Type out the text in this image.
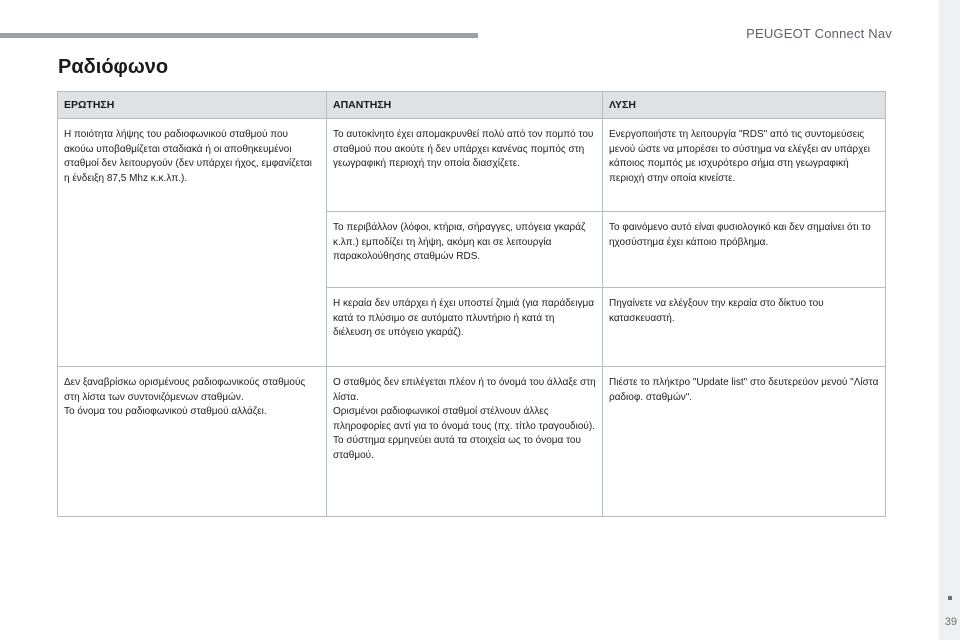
PEUGEOT Connect Nav
39
Ραδιόφωνο
ΕΡΩΤΗΣΗ	ΑΠΑΝΤΗΣΗ	ΛΥΣΗ

Η ποιότητα λήψης του ραδιοφωνικού σταθμού που ακούω υποβαθμίζεται σταδιακά ή οι αποθηκευμένοι σταθμοί δεν λειτουργούν (δεν υπάρχει ήχος, εμφανίζεται η ένδειξη 87,5 Mhz κ.κ.λπ.).	Το αυτοκίνητο έχει απομακρυνθεί πολύ από τον πομπό του σταθμού που ακούτε ή δεν υπάρχει κανένας πομπός στη γεωγραφική περιοχή την οποία διασχίζετε.	Ενεργοποιήστε τη λειτουργία "RDS" από τις συντομεύσεις μενού ώστε να μπορέσει το σύστημα να ελέγξει αν υπάρχει κάποιος πομπός με ισχυρότερο σήμα στη γεωγραφική περιοχή στην οποία κινείστε.

	Το περιβάλλον (λόφοι, κτήρια, σήραγγες, υπόγεια γκαράζ κ.λπ.) εμποδίζει τη λήψη, ακόμη και σε λειτουργία παρακολούθησης σταθμών RDS.	Το φαινόμενο αυτό είναι φυσιολογικό και δεν σημαίνει ότι το ηχοσύστημα έχει κάποιο πρόβλημα.

	Η κεραία δεν υπάρχει ή έχει υποστεί ζημιά (για παράδειγμα κατά το πλύσιμο σε αυτόματο πλυντήριο ή κατά τη διέλευση σε υπόγειο γκαράζ).	Πηγαίνετε να ελέγξουν την κεραία στο δίκτυο του κατασκευαστή.

Δεν ξαναβρίσκω ορισμένους ραδιοφωνικούς σταθμούς στη λίστα των συντονιζόμενων σταθμών.
Το όνομα του ραδιοφωνικού σταθμού αλλάζει.	Ο σταθμός δεν επιλέγεται πλέον ή το όνομά του άλλαξε στη λίστα.
Ορισμένοι ραδιοφωνικοί σταθμοί στέλνουν άλλες πληροφορίες αντί για το όνομά τους (πχ. τίτλο τραγουδιού).
Το σύστημα ερμηνεύει αυτά τα στοιχεία ως το όνομα του σταθμού.	Πιέστε το πλήκτρο "Update list" στο δευτερεύον μενού "Λίστα ραδιοφ. σταθμών".
